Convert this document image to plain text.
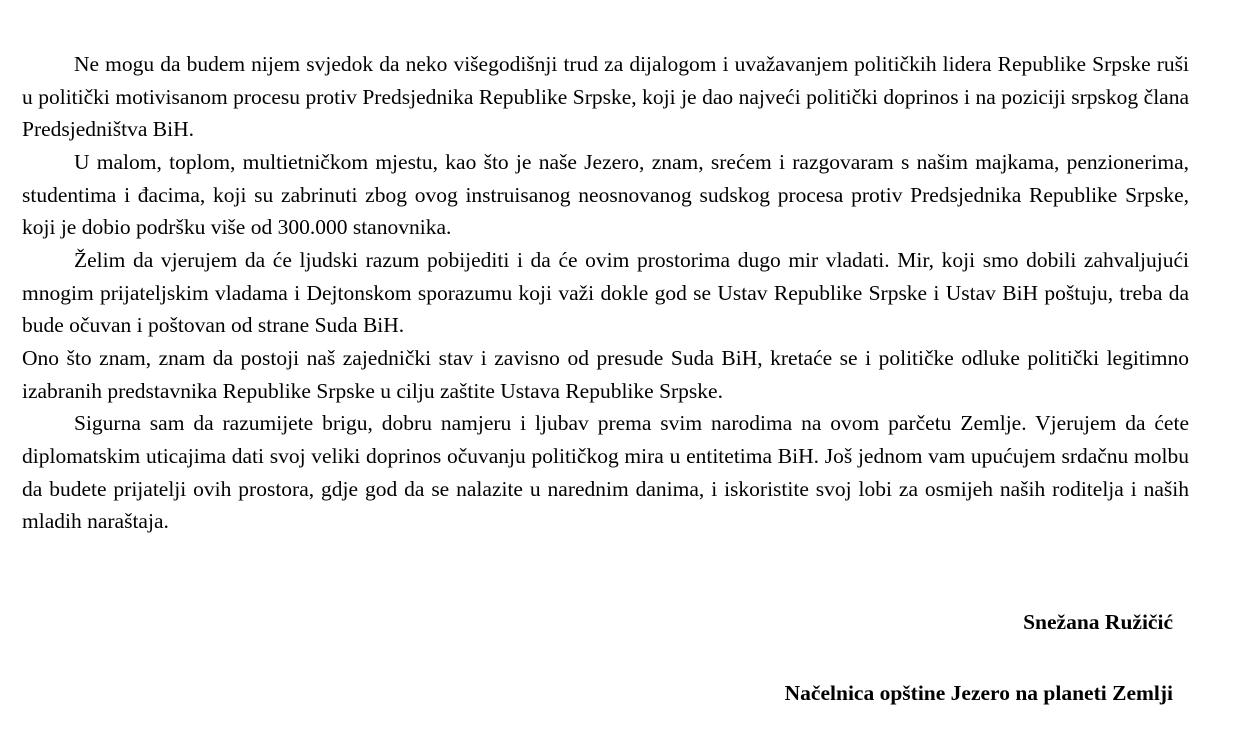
Ne mogu da budem nijem svjedok da neko višegodišnji trud za dijalogom i uvažavanjem političkih lidera Republike Srpske ruši u politički motivisanom procesu protiv Predsjednika Republike Srpske, koji je dao najveći politički doprinos i na poziciji srpskog člana Predsjedništva BiH.

U malom, toplom, multietničkom mjestu, kao što je naše Jezero, znam, srećem i razgovaram s našim majkama, penzionerima, studentima i đacima, koji su zabrinuti zbog ovog instruisanog neosnovanog sudskog procesa protiv Predsjednika Republike Srpske, koji je dobio podršku više od 300.000 stanovnika.

Želim da vjerujem da će ljudski razum pobijediti i da će ovim prostorima dugo mir vladati. Mir, koji smo dobili zahvaljujući mnogim prijateljskim vladama i Dejtonskom sporazumu koji važi dokle god se Ustav Republike Srpske i Ustav BiH poštuju, treba da bude očuvan i poštovan od strane Suda BiH.

Ono što znam, znam da postoji naš zajednički stav i zavisno od presude Suda BiH, kretaće se i političke odluke politički legitimno izabranih predstavnika Republike Srpske u cilju zaštite Ustava Republike Srpske.

Sigurna sam da razumijete brigu, dobru namjeru i ljubav prema svim narodima na ovom parčetu Zemlje. Vjerujem da ćete diplomatskim uticajima dati svoj veliki doprinos očuvanju političkog mira u entitetima BiH. Još jednom vam upućujem srdačnu molbu da budete prijatelji ovih prostora, gdje god da se nalazite u narednim danima, i iskoristite svoj lobi za osmijeh naših roditelja i naših mladih naraštaja.

Snežana Ružičić

Načelnica opštine Jezero na planeti Zemlji
